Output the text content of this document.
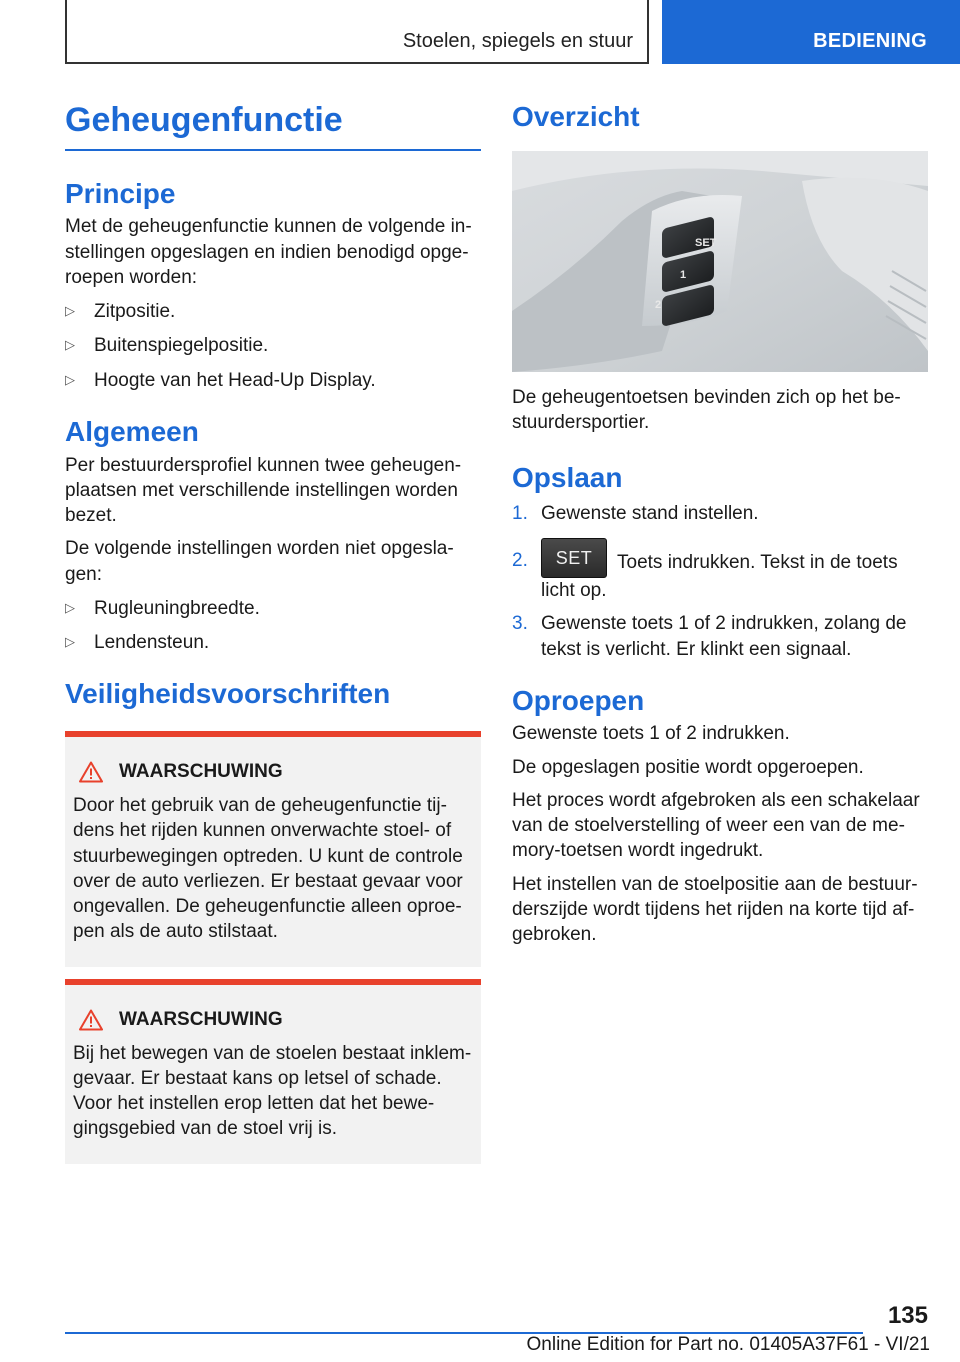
Stoelen, spiegels en stuur	BEDIENING
Geheugenfunctie
Principe
Met de geheugenfunctie kunnen de volgende instellingen opgeslagen en indien benodigd opgeroepen worden:
▷ Zitpositie.
▷ Buitenspiegelpositie.
▷ Hoogte van het Head-Up Display.
Algemeen
Per bestuurdersprofiel kunnen twee geheugenplaatsen met verschillende instellingen worden bezet.
De volgende instellingen worden niet opgeslagen:
▷ Rugleuningbreedte.
▷ Lendensteun.
Veiligheidsvoorschriften
WAARSCHUWING
Door het gebruik van de geheugenfunctie tijdens het rijden kunnen onverwachte stoel- of stuurbewegingen optreden. U kunt de controle over de auto verliezen. Er bestaat gevaar voor ongevallen. De geheugenfunctie alleen oproepen als de auto stilstaat.
WAARSCHUWING
Bij het bewegen van de stoelen bestaat inklemgevaar. Er bestaat kans op letsel of schade. Voor het instellen erop letten dat het bewegingsgebied van de stoel vrij is.
Overzicht
SET
1
2
De geheugentoetsen bevinden zich op het bestuurdersportier.
Opslaan
1. Gewenste stand instellen.
2.	SET	Toets indrukken. Tekst in de toets licht op.
3. Gewenste toets 1 of 2 indrukken, zolang de tekst is verlicht. Er klinkt een signaal.
Oproepen
Gewenste toets 1 of 2 indrukken.
De opgeslagen positie wordt opgeroepen.
Het proces wordt afgebroken als een schakelaar van de stoelverstelling of weer een van de memory-toetsen wordt ingedrukt.
Het instellen van de stoelpositie aan de bestuurderszijde wordt tijdens het rijden na korte tijd afgebroken.
135
Online Edition for Part no. 01405A37F61 - VI/21
